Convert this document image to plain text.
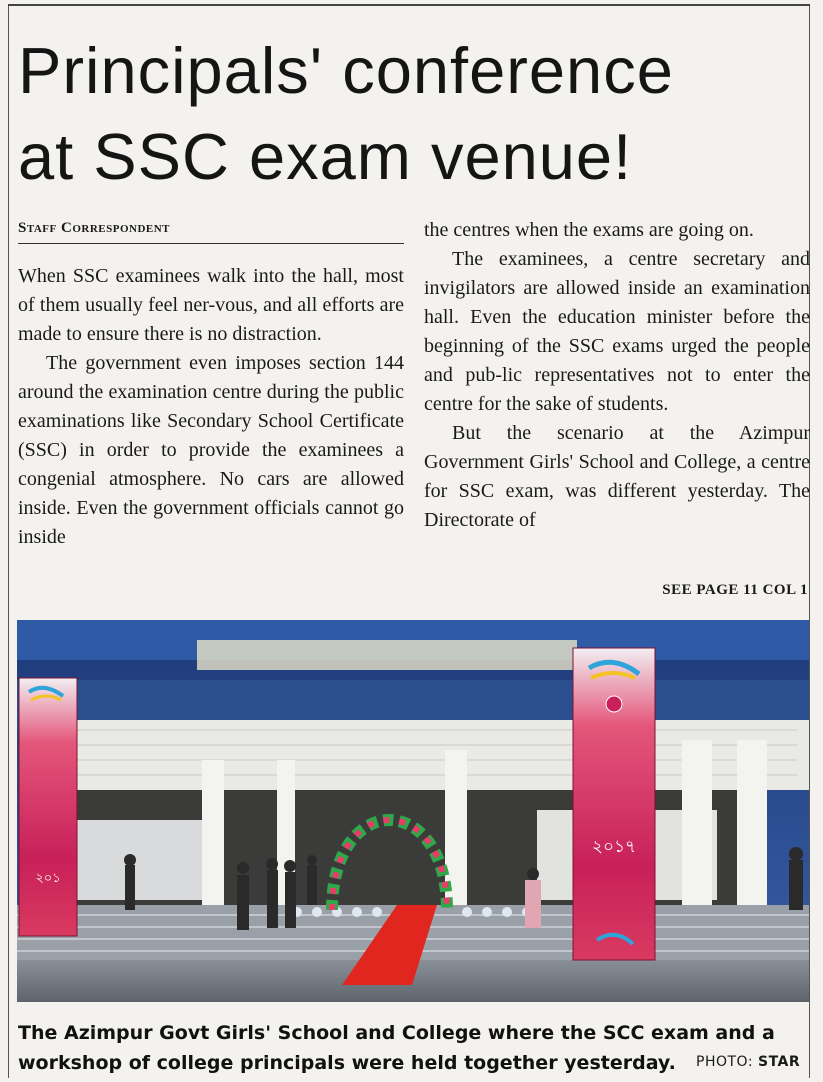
Principals' conference
at SSC exam venue!
Staff Correspondent

When SSC examinees walk into the hall, most of them usually feel ner-vous, and all efforts are made to ensure there is no distraction.

The government even imposes section 144 around the examination centre during the public examinations like Secondary School Certificate (SSC) in order to provide the examinees a congenial atmosphere. No cars are allowed inside. Even the government officials cannot go inside

the centres when the exams are going on.

The examinees, a centre secretary and invigilators are allowed inside an examination hall. Even the education minister before the beginning of the SSC exams urged the people and pub-lic representatives not to enter the centre for the sake of students.

But the scenario at the Azimpur Government Girls' School and College, a centre for SSC exam, was different yesterday. The Directorate of

SEE PAGE 11 COL 1
২০১
২০১৭
The Azimpur Govt Girls' School and College where the SCC exam and a workshop of college principals were held together yesterday.	PHOTO: STAR
